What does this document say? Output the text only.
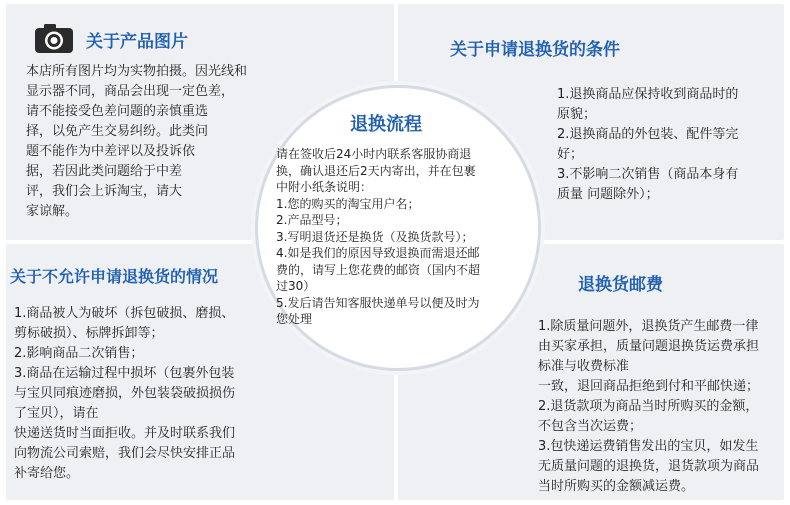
关于产品图片

本店所有图片均为实物拍摄。因光线和

显示器不同，商品会出现一定色差，

请不能接受色差问题的亲慎重选

择，以免产生交易纠纷。此类问

题不能作为中差评以及投诉依

据，若因此类问题给于中差

评，我们会上诉淘宝，请大

家谅解。

关于申请退换货的条件

1.退换商品应保持收到商品时的

原貌；

2.退换商品的外包装、配件等完

好；

3.不影响二次销售（商品本身有

质量 问题除外）；

关于不允许申请退换货的情况

1.商品被人为破坏（拆包破损、磨损、

剪标破损）、标牌拆卸等；

2.影响商品二次销售；

3.商品在运输过程中损坏（包裹外包装

与宝贝同痕迹磨损，外包装袋破损损伤

了宝贝），请在

快递送货时当面拒收。并及时联系我们

向物流公司索赔，我们会尽快安排正品

补寄给您。

退换货邮费

1.除质量问题外，退换货产生邮费一律

由买家承担，质量问题退换货运费承担

标准与收费标准

一致，退回商品拒绝到付和平邮快递；

2.退货款项为商品当时所购买的金额，

不包含当次运费；

3.包快递运费销售发出的宝贝，如发生

无质量问题的退换货，退货款项为商品

当时所购买的金额减运费。

退换流程

请在签收后24小时内联系客服协商退

换，确认退还后2天内寄出，并在包裹

中附小纸条说明：

1.您的购买的淘宝用户名；

2.产品型号；

3.写明退货还是换货（及换货款号）；

4.如是我们的原因导致退换而需退还邮

费的，请写上您花费的邮资（国内不超

过30）

5.发后请告知客服快递单号以便及时为

您处理
